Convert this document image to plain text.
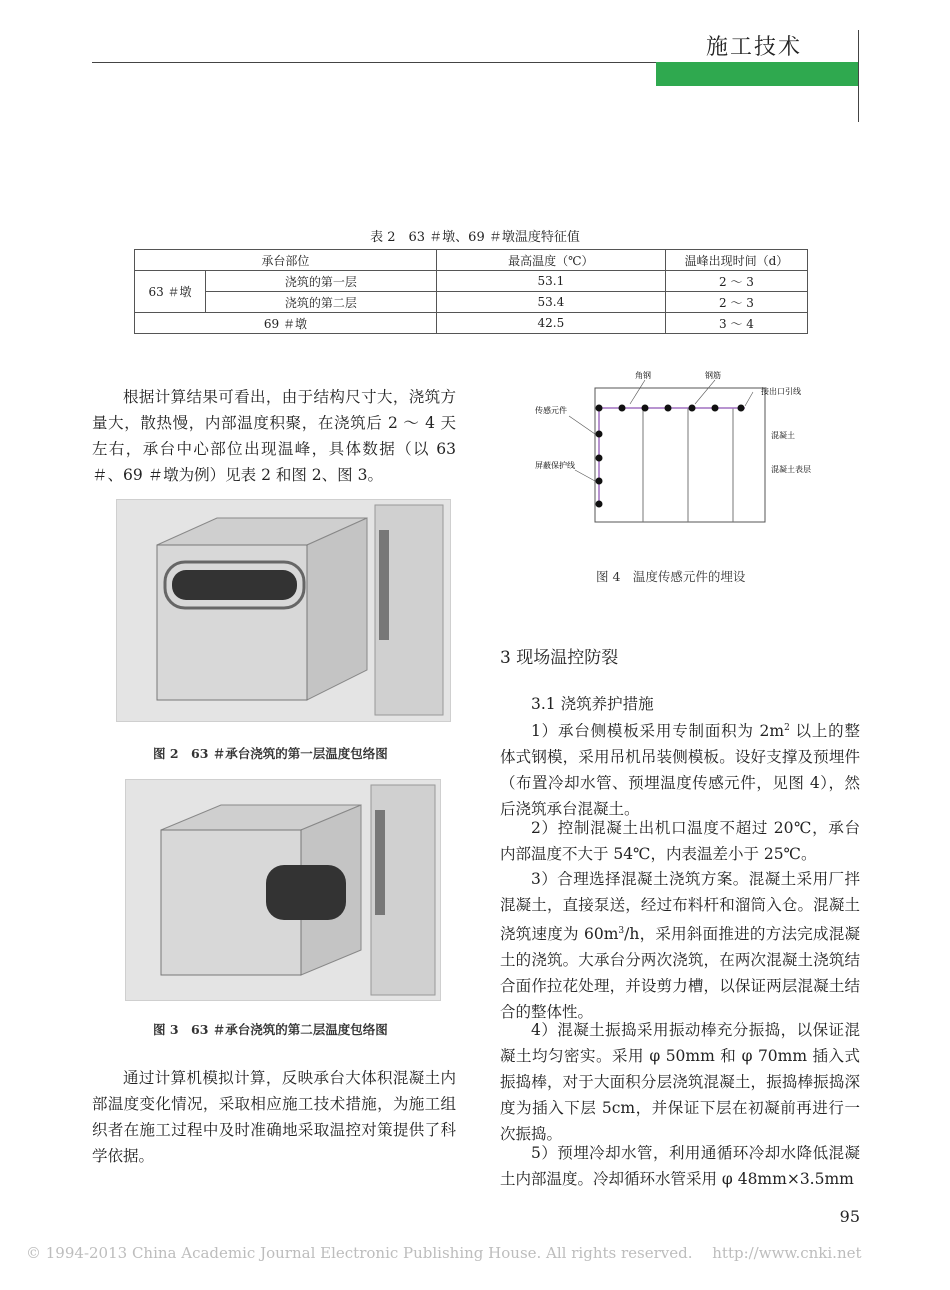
施工技术
表 2　63 ＃墩、69 ＃墩温度特征值
承台部位		最高温度（℃）	温峰出现时间（d）
63 ＃墩	浇筑的第一层	53.1	2 ～ 3
	浇筑的第二层	53.4	2 ～ 3
69 ＃墩		42.5	3 ～ 4
根据计算结果可看出，由于结构尺寸大，浇筑方量大，散热慢，内部温度积聚，在浇筑后 2 ～ 4 天左右，承台中心部位出现温峰，具体数据（以 63 ＃、69 ＃墩为例）见表 2 和图 2、图 3。
图 2　63 ＃承台浇筑的第一层温度包络图
图 3　63 ＃承台浇筑的第二层温度包络图
通过计算机模拟计算，反映承台大体积混凝土内部温度变化情况，采取相应施工技术措施，为施工组织者在施工过程中及时准确地采取温控对策提供了科学依据。
角钢	钢筋
接出口引线
传感元件
混凝土
屏蔽保护线	混凝土表层
图 4　温度传感元件的埋设
3 现场温控防裂
3.1 浇筑养护措施
1）承台侧模板采用专制面积为 $2m^2$ 以上的整体式钢模，采用吊机吊装侧模板。设好支撑及预埋件（布置冷却水管、预埋温度传感元件，见图 4），然后浇筑承台混凝土。
2）控制混凝土出机口温度不超过 20℃，承台内部温度不大于 54℃，内表温差小于 25℃。
3）合理选择混凝土浇筑方案。混凝土采用厂拌混凝土，直接泵送，经过布料杆和溜筒入仓。混凝土浇筑速度为 $60m^3/h$，采用斜面推进的方法完成混凝土的浇筑。大承台分两次浇筑，在两次混凝土浇筑结合面作拉花处理，并设剪力槽，以保证两层混凝土结合的整体性。
4）混凝土振捣采用振动棒充分振捣，以保证混凝土均匀密实。采用 φ 50mm 和 φ 70mm 插入式振捣棒，对于大面积分层浇筑混凝土，振捣棒振捣深度为插入下层 5cm，并保证下层在初凝前再进行一次振捣。
5）预埋冷却水管，利用通循环冷却水降低混凝土内部温度。冷却循环水管采用 φ 48mm×3.5mm
95
© 1994-2013 China Academic Journal Electronic Publishing House. All rights reserved.　 http://www.cnki.net
